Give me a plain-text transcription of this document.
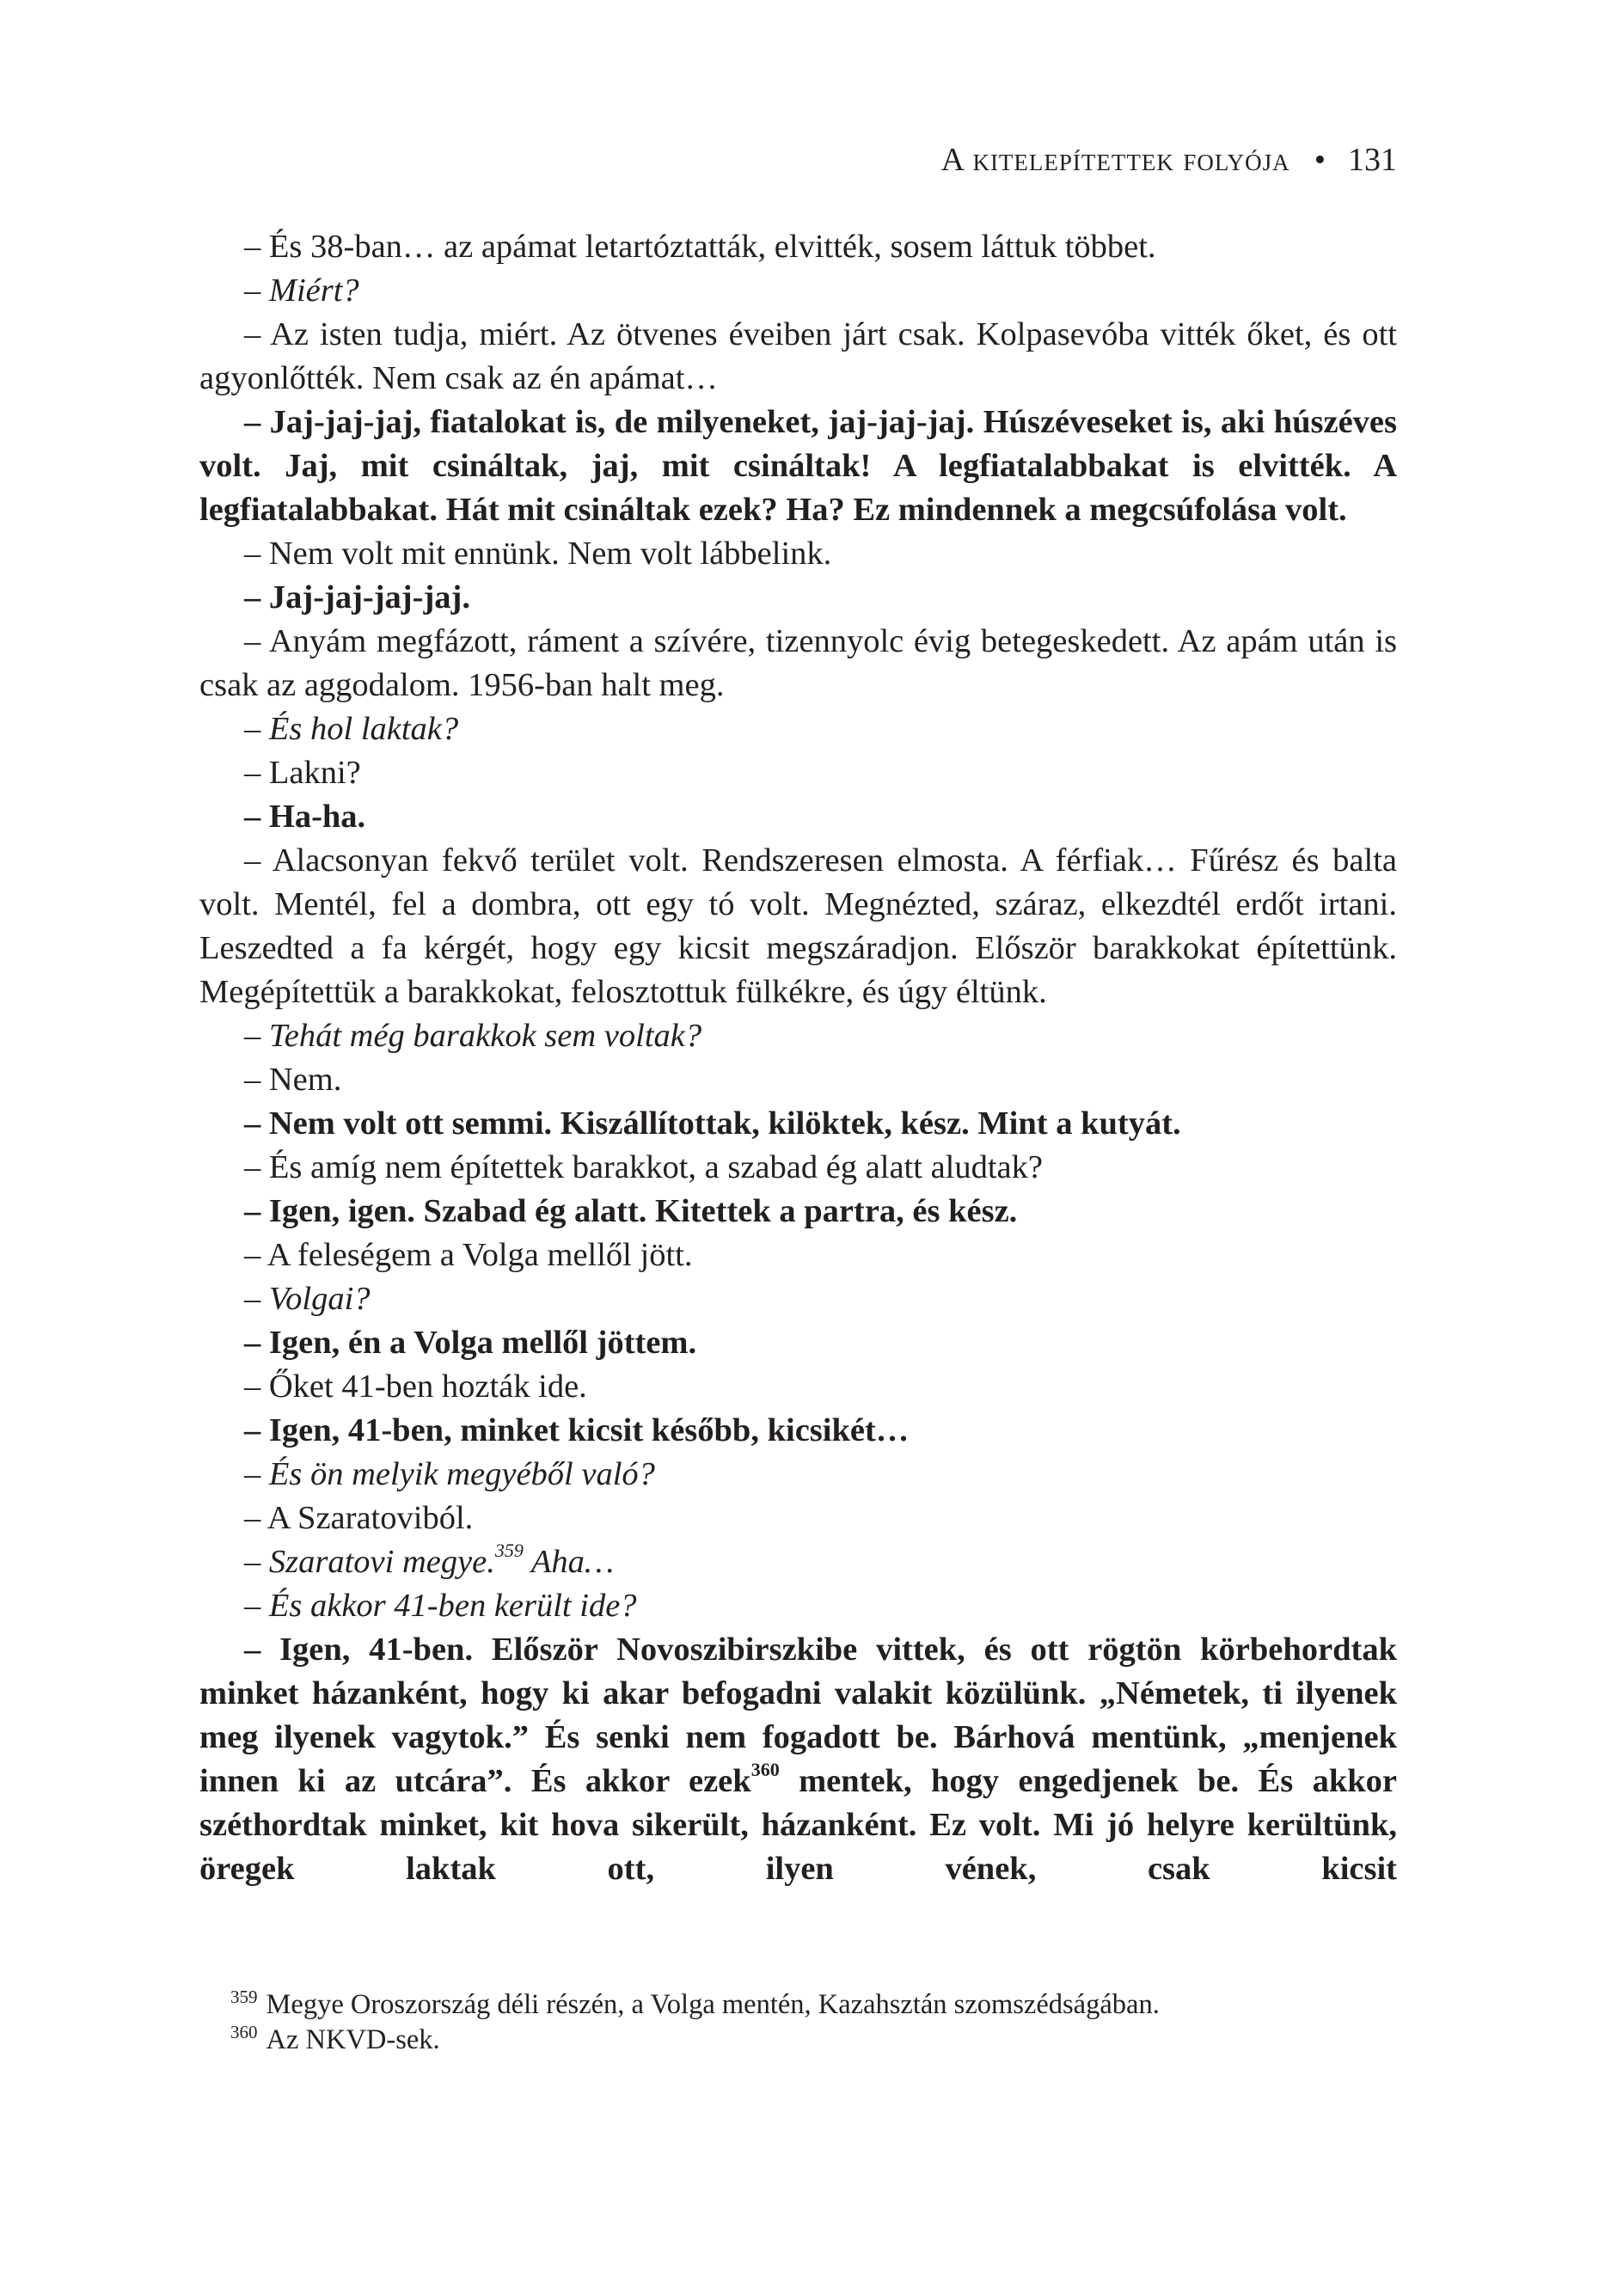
A kitelepítettek folyója • 131

– És 38-ban… az apámat letartóztatták, elvitték, sosem láttuk többet.

– Miért?

– Az isten tudja, miért. Az ötvenes éveiben járt csak. Kolpasevóba vitték őket, és ott agyonlőtték. Nem csak az én apámat…

– Jaj-jaj-jaj, fiatalokat is, de milyeneket, jaj-jaj-jaj. Húszéveseket is, aki húszéves volt. Jaj, mit csináltak, jaj, mit csináltak! A legfiatalabbakat is elvitték. A legfiatalabbakat. Hát mit csináltak ezek? Ha? Ez mindennek a megcsúfolása volt.

– Nem volt mit ennünk. Nem volt lábbelink.

– Jaj-jaj-jaj-jaj.

– Anyám megfázott, ráment a szívére, tizennyolc évig betegeskedett. Az apám után is csak az aggodalom. 1956-ban halt meg.

– És hol laktak?

– Lakni?

– Ha-ha.

– Alacsonyan fekvő terület volt. Rendszeresen elmosta. A férfiak… Fűrész és balta volt. Mentél, fel a dombra, ott egy tó volt. Megnézted, száraz, elkezdtél erdőt irtani. Leszedted a fa kérgét, hogy egy kicsit megszáradjon. Először barakkokat építettünk. Megépítettük a barakkokat, felosztottuk fülkékre, és úgy éltünk.

– Tehát még barakkok sem voltak?

– Nem.

– Nem volt ott semmi. Kiszállítottak, kilöktek, kész. Mint a kutyát.

– És amíg nem építettek barakkot, a szabad ég alatt aludtak?

– Igen, igen. Szabad ég alatt. Kitettek a partra, és kész.

– A feleségem a Volga mellől jött.

– Volgai?

– Igen, én a Volga mellől jöttem.

– Őket 41-ben hozták ide.

– Igen, 41-ben, minket kicsit később, kicsikét…

– És ön melyik megyéből való?

– A Szaratoviból.

– Szaratovi megye.$^{359}$ Aha…

– És akkor 41-ben került ide?

– Igen, 41-ben. Először Novoszibirszkibe vittek, és ott rögtön körbehordtak minket házanként, hogy ki akar befogadni valakit közülünk. „Németek, ti ilyenek meg ilyenek vagytok.” És senki nem fogadott be. Bárhová mentünk, „menjenek innen ki az utcára”. És akkor ezek$^{360}$ mentek, hogy engedjenek be. És akkor széthordtak minket, kit hova sikerült, házanként. Ez volt. Mi jó helyre kerültünk, öregek laktak ott, ilyen vének, csak kicsit

$^{359}$ Megye Oroszország déli részén, a Volga mentén, Kazahsztán szomszédságában.
$^{360}$ Az NKVD-sek.
